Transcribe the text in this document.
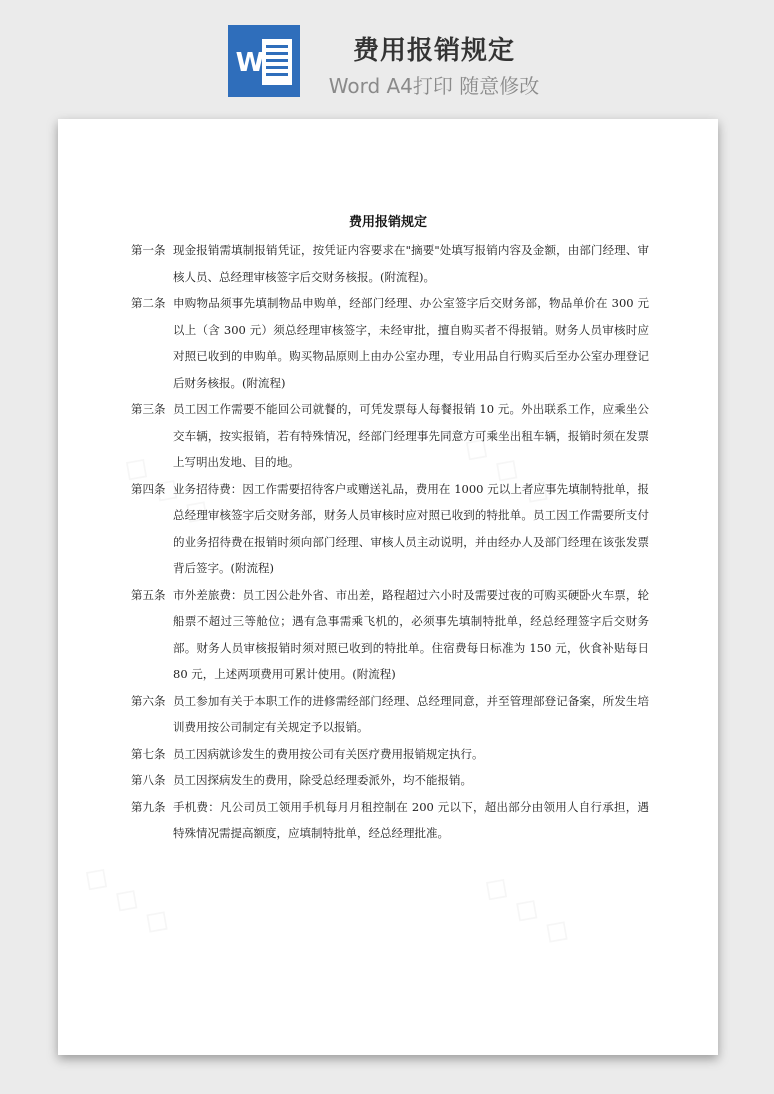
W	费用报销规定
Word A4打印 随意修改
费用报销规定
第一条 现金报销需填制报销凭证，按凭证内容要求在"摘要"处填写报销内容及金额，由部门经理、审核人员、总经理审核签字后交财务核报。(附流程)。
第二条 申购物品须事先填制物品申购单，经部门经理、办公室签字后交财务部，物品单价在 300 元以上（含 300 元）须总经理审核签字，未经审批，擅自购买者不得报销。财务人员审核时应对照已收到的申购单。购买物品原则上由办公室办理，专业用品自行购买后至办公室办理登记后财务核报。(附流程)
第三条 员工因工作需要不能回公司就餐的，可凭发票每人每餐报销 10 元。外出联系工作，应乘坐公交车辆，按实报销，若有特殊情况，经部门经理事先同意方可乘坐出租车辆，报销时须在发票上写明出发地、目的地。
第四条 业务招待费：因工作需要招待客户或赠送礼品，费用在 1000 元以上者应事先填制特批单，报总经理审核签字后交财务部，财务人员审核时应对照已收到的特批单。员工因工作需要所支付的业务招待费在报销时须向部门经理、审核人员主动说明，并由经办人及部门经理在该张发票背后签字。(附流程)
第五条 市外差旅费：员工因公赴外省、市出差，路程超过六小时及需要过夜的可购买硬卧火车票，轮船票不超过三等舱位；遇有急事需乘飞机的，必须事先填制特批单，经总经理签字后交财务部。财务人员审核报销时须对照已收到的特批单。住宿费每日标准为 150 元，伙食补贴每日 80 元，上述两项费用可累计使用。(附流程)
第六条 员工参加有关于本职工作的进修需经部门经理、总经理同意，并至管理部登记备案，所发生培训费用按公司制定有关规定予以报销。
第七条 员工因病就诊发生的费用按公司有关医疗费用报销规定执行。
第八条 员工因探病发生的费用，除受总经理委派外，均不能报销。
第九条 手机费：凡公司员工领用手机每月月租控制在 200 元以下，超出部分由领用人自行承担，遇特殊情况需提高额度，应填制特批单，经总经理批准。
